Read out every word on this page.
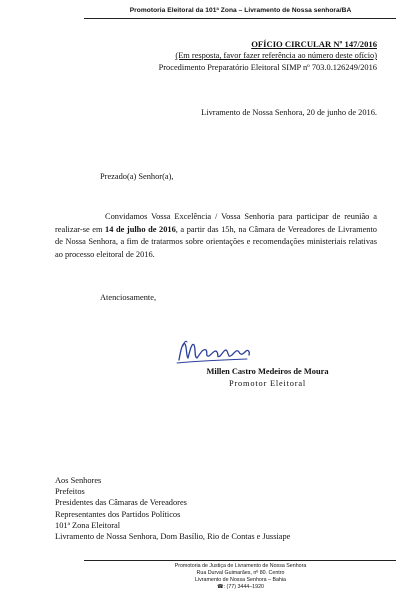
Promotoria Eleitoral da 101ª Zona – Livramento de Nossa senhora/BA
OFÍCIO CIRCULAR Nº 147/2016
(Em resposta, favor fazer referência ao número deste ofício)
Procedimento Preparatório Eleitoral SIMP nº 703.0.126249/2016
Livramento de Nossa Senhora, 20 de junho de 2016.
Prezado(a) Senhor(a),
Convidamos Vossa Excelência / Vossa Senhoria para participar de reunião a realizar-se em 14 de julho de 2016, a partir das 15h, na Câmara de Vereadores de Livramento de Nossa Senhora, a fim de tratarmos sobre orientações e recomendações ministeriais relativas ao processo eleitoral de 2016.
Atenciosamente,
Millen Castro Medeiros de Moura
Promotor Eleitoral
Aos Senhores
Prefeitos
Presidentes das Câmaras de Vereadores
Representantes dos Partidos Políticos
101ª Zona Eleitoral
Livramento de Nossa Senhora, Dom Basílio, Rio de Contas e Jussiape
Promotoria de Justiça de Livramento de Nossa Senhora
Rua Durval Guimarães, nº 80. Centro
Livramento de Nossa Senhora – Bahia
☎: (77) 3444–1920
